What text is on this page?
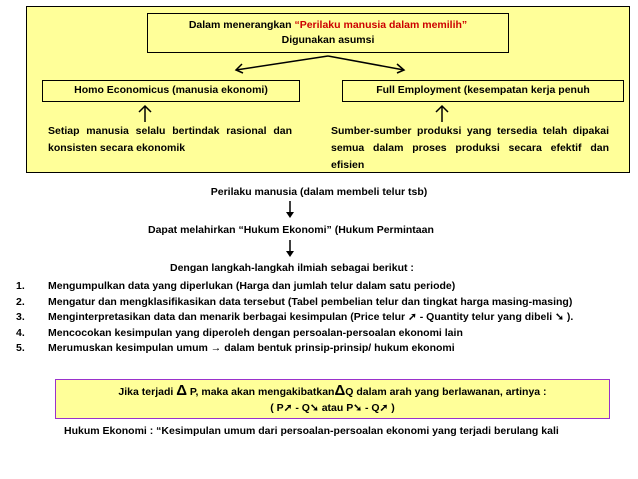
Dalam menerangkan “Perilaku manusia dalam memilih”
Digunakan asumsi
Homo Economicus (manusia ekonomi)	Full Employment (kesempatan kerja penuh
Setiap manusia selalu bertindak rasional dan konsisten secara ekonomik
Sumber-sumber produksi yang tersedia telah dipakai semua dalam proses produksi secara efektif dan efisien
Perilaku manusia (dalam membeli telur tsb)
Dapat melahirkan “Hukum Ekonomi” (Hukum Permintaan
Dengan langkah-langkah ilmiah sebagai berikut :
1. Mengumpulkan data yang diperlukan (Harga dan jumlah telur dalam satu periode)
2. Mengatur dan mengklasifikasikan data tersebut (Tabel pembelian telur dan tingkat harga masing-masing)
3. Menginterpretasikan data dan menarik berbagai kesimpulan (Price telur ➚ - Quantity telur yang dibeli ➘ ).
4. Mencocokan kesimpulan yang diperoleh dengan persoalan-persoalan ekonomi lain
5. Merumuskan kesimpulan umum → dalam bentuk prinsip-prinsip/ hukum ekonomi
Jika terjadi Δ P, maka akan mengakibatkanΔQ dalam arah yang berlawanan, artinya :
( P➚ - Q➘ atau P➘ - Q➚ )
Hukum Ekonomi : “Kesimpulan umum dari persoalan-persoalan ekonomi yang terjadi berulang kali
